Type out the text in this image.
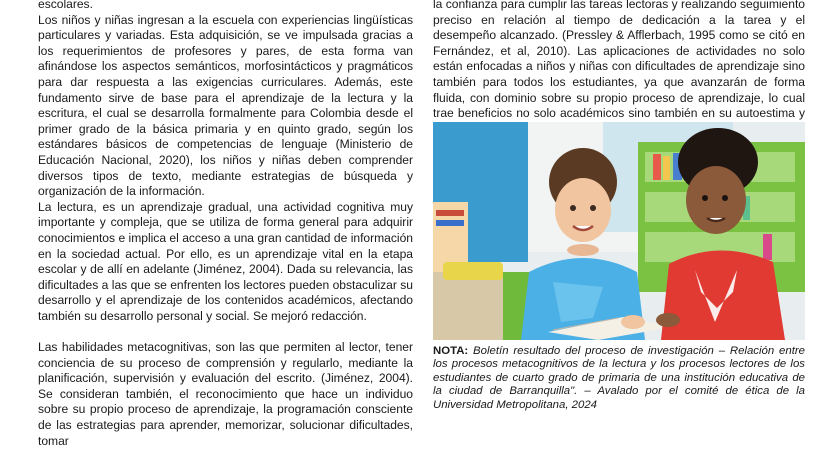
escolares.

Los niños y niñas ingresan a la escuela con experiencias lingüísticas particulares y variadas. Esta adquisición, se ve impulsada gracias a los requerimientos de profesores y pares, de esta forma van afinándose los aspectos semánticos, morfosintácticos y pragmáticos para dar respuesta a las exigencias curriculares. Además, este fundamento sirve de base para el aprendizaje de la lectura y la escritura, el cual se desarrolla formalmente para Colombia desde el primer grado de la básica primaria y en quinto grado, según los estándares básicos de competencias de lenguaje (Ministerio de Educación Nacional, 2020), los niños y niñas deben comprender diversos tipos de texto, mediante estrategias de búsqueda y organización de la información.

La lectura, es un aprendizaje gradual, una actividad cognitiva muy importante y compleja, que se utiliza de forma general para adquirir conocimientos e implica el acceso a una gran cantidad de información en la sociedad actual. Por ello, es un aprendizaje vital en la etapa escolar y de allí en adelante (Jiménez, 2004). Dada su relevancia, las dificultades a las que se enfrenten los lectores pueden obstaculizar su desarrollo y el aprendizaje de los contenidos académicos, afectando también su desarrollo personal y social. Se mejoró redacción.

Las habilidades metacognitivas, son las que permiten al lector, tener conciencia de su proceso de comprensión y regularlo, mediante la planificación, supervisión y evaluación del escrito. (Jiménez, 2004). Se consideran también, el reconocimiento que hace un individuo sobre su propio proceso de aprendizaje, la programación consciente de las estrategias para aprender, memorizar, solucionar dificultades, tomar

la confianza para cumplir las tareas lectoras y realizando seguimiento preciso en relación al tiempo de dedicación a la tarea y el desempeño alcanzado. (Pressley & Afflerbach, 1995 como se citó en Fernández, et al, 2010). Las aplicaciones de actividades no solo están enfocadas a niños y niñas con dificultades de aprendizaje sino también para todos los estudiantes, ya que avanzarán de forma fluida, con dominio sobre su propio proceso de aprendizaje, lo cual trae beneficios no solo académicos sino también en su autoestima y

NOTA: Boletín resultado del proceso de investigación – Relación entre los procesos metacognitivos de la lectura y los procesos lectores de los estudiantes de cuarto grado de primaria de una institución educativa de la ciudad de Barranquilla". – Avalado por el comité de ética de la Universidad Metropolitana, 2024
